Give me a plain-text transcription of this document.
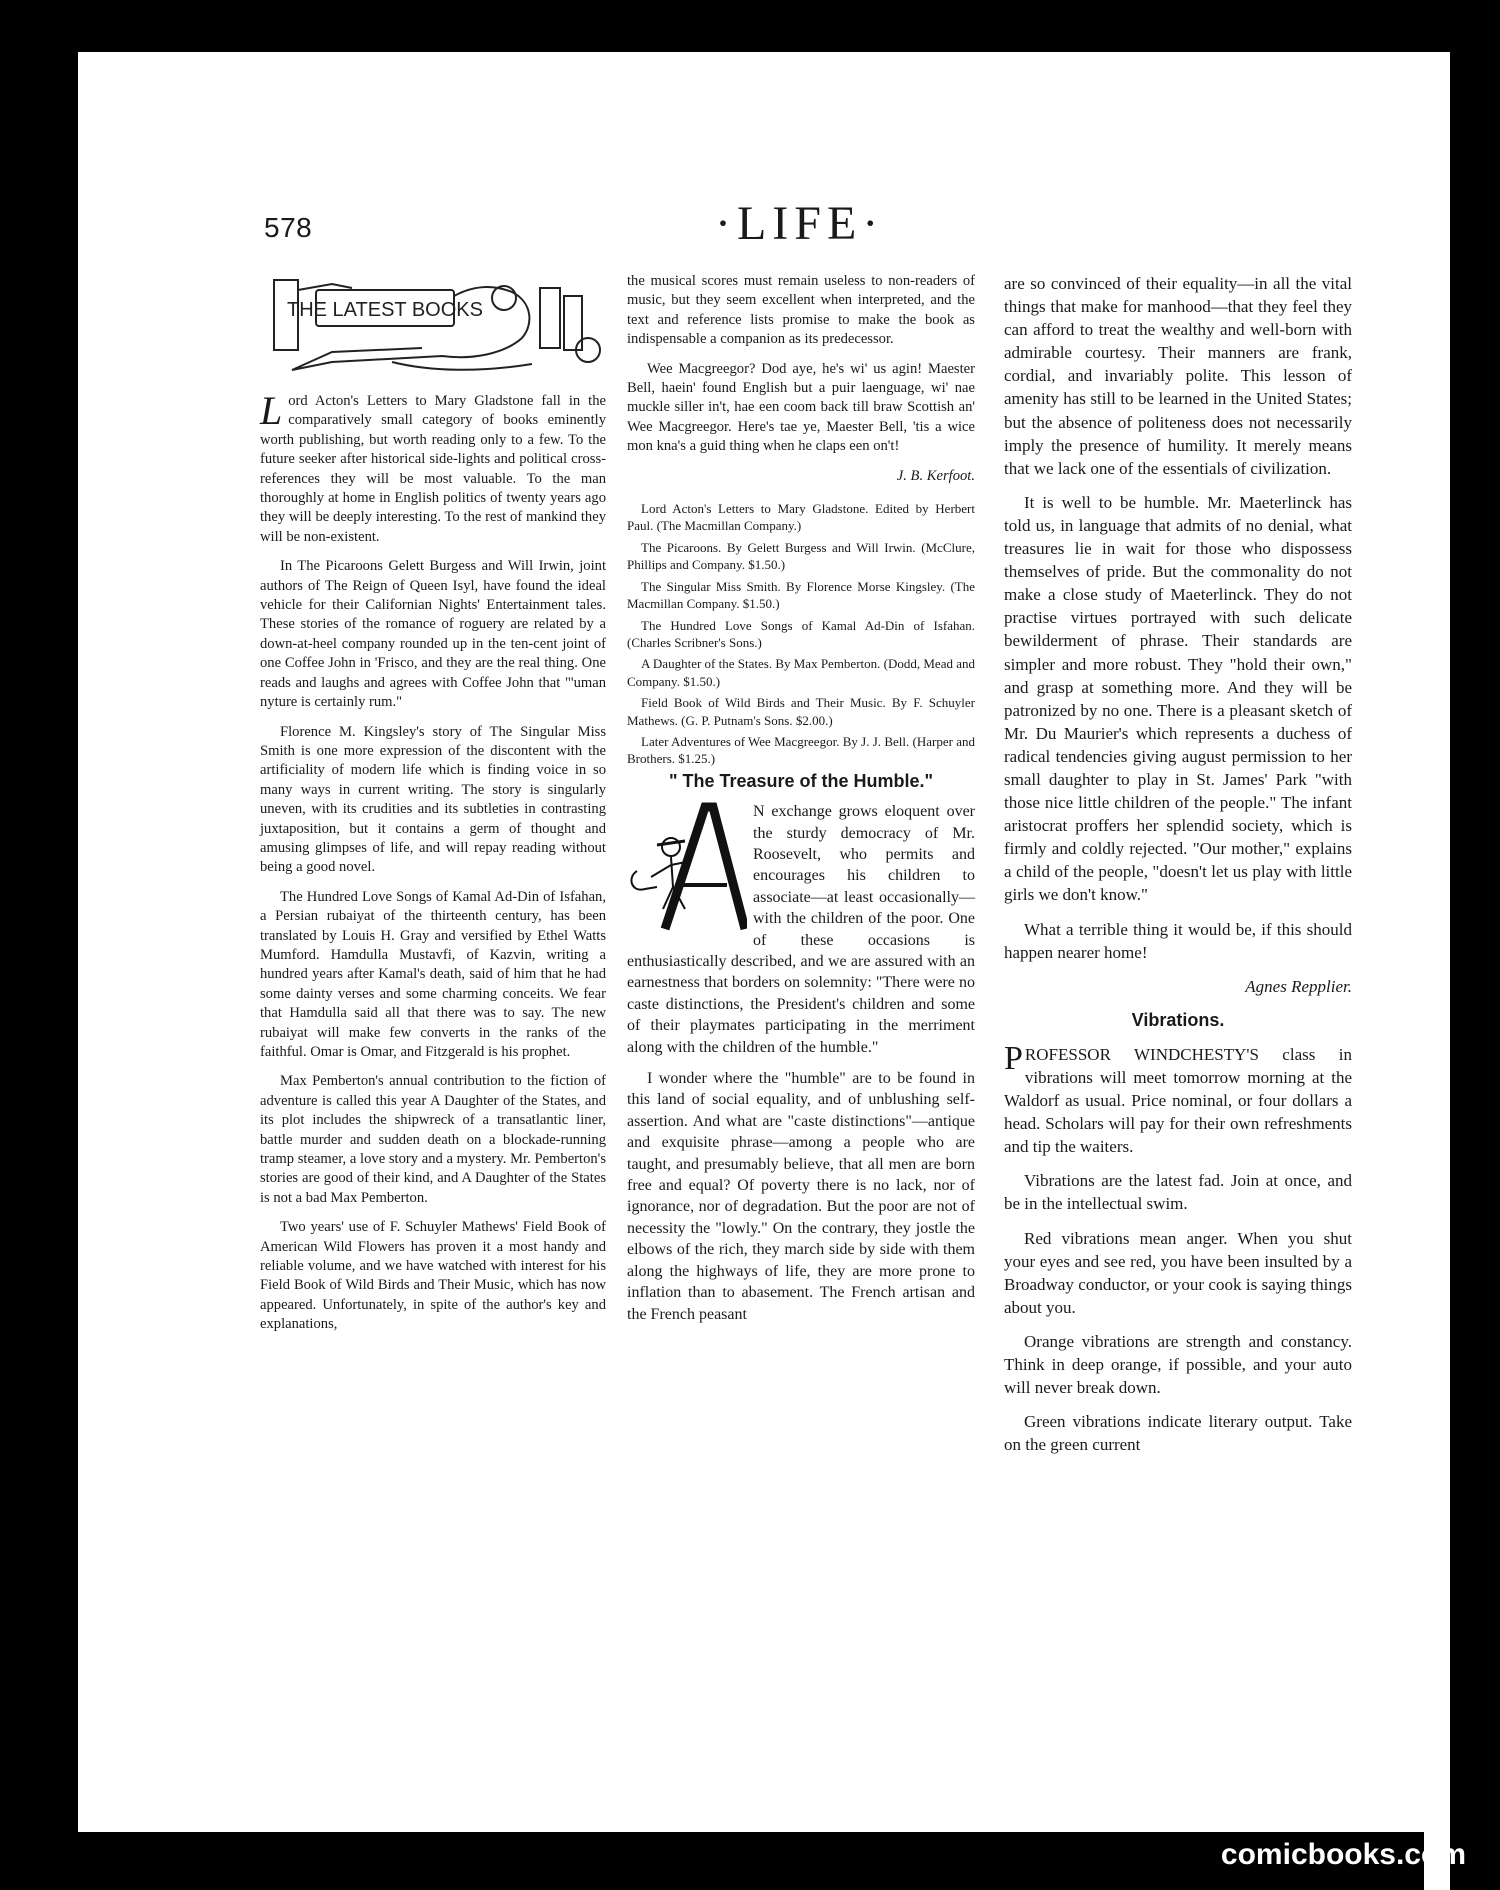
578	·LIFE·
THE LATEST BOOKS

Lord Acton's Letters to Mary Gladstone fall in the comparatively small category of books eminently worth publishing, but worth reading only to a few. To the future seeker after historical side-lights and political cross-references they will be most valuable. To the man thoroughly at home in English politics of twenty years ago they will be deeply interesting. To the rest of mankind they will be non-existent.

In The Picaroons Gelett Burgess and Will Irwin, joint authors of The Reign of Queen Isyl, have found the ideal vehicle for their Californian Nights' Entertainment tales. These stories of the romance of roguery are related by a down-at-heel company rounded up in the ten-cent joint of one Coffee John in 'Frisco, and they are the real thing. One reads and laughs and agrees with Coffee John that "'uman nyture is certainly rum."

Florence M. Kingsley's story of The Singular Miss Smith is one more expression of the discontent with the artificiality of modern life which is finding voice in so many ways in current writing. The story is singularly uneven, with its crudities and its subtleties in contrasting juxtaposition, but it contains a germ of thought and amusing glimpses of life, and will repay reading without being a good novel.

The Hundred Love Songs of Kamal Ad-Din of Isfahan, a Persian rubaiyat of the thirteenth century, has been translated by Louis H. Gray and versified by Ethel Watts Mumford. Hamdulla Mustavfi, of Kazvin, writing a hundred years after Kamal's death, said of him that he had some dainty verses and some charming conceits. We fear that Hamdulla said all that there was to say. The new rubaiyat will make few converts in the ranks of the faithful. Omar is Omar, and Fitzgerald is his prophet.

Max Pemberton's annual contribution to the fiction of adventure is called this year A Daughter of the States, and its plot includes the shipwreck of a transatlantic liner, battle murder and sudden death on a blockade-running tramp steamer, a love story and a mystery. Mr. Pemberton's stories are good of their kind, and A Daughter of the States is not a bad Max Pemberton.

Two years' use of F. Schuyler Mathews' Field Book of American Wild Flowers has proven it a most handy and reliable volume, and we have watched with interest for his Field Book of Wild Birds and Their Music, which has now appeared. Unfortunately, in spite of the author's key and explanations,

the musical scores must remain useless to non-readers of music, but they seem excellent when interpreted, and the text and reference lists promise to make the book as indispensable a companion as its predecessor.

Wee Macgreegor? Dod aye, he's wi' us agin! Maester Bell, haein' found English but a puir laenguage, wi' nae muckle siller in't, hae een coom back till braw Scottish an' Wee Macgreegor. Here's tae ye, Maester Bell, 'tis a wice mon kna's a guid thing when he claps een on't!

J. B. Kerfoot.

Lord Acton's Letters to Mary Gladstone. Edited by Herbert Paul. (The Macmillan Company.)

The Picaroons. By Gelett Burgess and Will Irwin. (McClure, Phillips and Company. $1.50.)

The Singular Miss Smith. By Florence Morse Kingsley. (The Macmillan Company. $1.50.)

The Hundred Love Songs of Kamal Ad-Din of Isfahan. (Charles Scribner's Sons.)

A Daughter of the States. By Max Pemberton. (Dodd, Mead and Company. $1.50.)

Field Book of Wild Birds and Their Music. By F. Schuyler Mathews. (G. P. Putnam's Sons. $2.00.)

Later Adventures of Wee Macgreegor. By J. J. Bell. (Harper and Brothers. $1.25.)

" The Treasure of the Humble."

N exchange grows eloquent over the sturdy democracy of Mr. Roosevelt, who permits and encourages his children to associate—at least occasionally—with the children of the poor. One of these occasions is enthusiastically described, and we are assured with an earnestness that borders on solemnity: "There were no caste distinctions, the President's children and some of their playmates participating in the merriment along with the children of the humble."

I wonder where the "humble" are to be found in this land of social equality, and of unblushing self-assertion. And what are "caste distinctions"—antique and exquisite phrase—among a people who are taught, and presumably believe, that all men are born free and equal? Of poverty there is no lack, nor of ignorance, nor of degradation. But the poor are not of necessity the "lowly." On the contrary, they jostle the elbows of the rich, they march side by side with them along the highways of life, they are more prone to inflation than to abasement. The French artisan and the French peasant

are so convinced of their equality—in all the vital things that make for manhood—that they feel they can afford to treat the wealthy and well-born with admirable courtesy. Their manners are frank, cordial, and invariably polite. This lesson of amenity has still to be learned in the United States; but the absence of politeness does not necessarily imply the presence of humility. It merely means that we lack one of the essentials of civilization.

It is well to be humble. Mr. Maeterlinck has told us, in language that admits of no denial, what treasures lie in wait for those who dispossess themselves of pride. But the commonality do not make a close study of Maeterlinck. They do not practise virtues portrayed with such delicate bewilderment of phrase. Their standards are simpler and more robust. They "hold their own," and grasp at something more. And they will be patronized by no one. There is a pleasant sketch of Mr. Du Maurier's which represents a duchess of radical tendencies giving august permission to her small daughter to play in St. James' Park "with those nice little children of the people." The infant aristocrat proffers her splendid society, which is firmly and coldly rejected. "Our mother," explains a child of the people, "doesn't let us play with little girls we don't know."

What a terrible thing it would be, if this should happen nearer home!

Agnes Repplier.

Vibrations.

PROFESSOR WINDCHESTY'S class in vibrations will meet tomorrow morning at the Waldorf as usual. Price nominal, or four dollars a head. Scholars will pay for their own refreshments and tip the waiters.

Vibrations are the latest fad. Join at once, and be in the intellectual swim.

Red vibrations mean anger. When you shut your eyes and see red, you have been insulted by a Broadway conductor, or your cook is saying things about you.

Orange vibrations are strength and constancy. Think in deep orange, if possible, and your auto will never break down.

Green vibrations indicate literary output. Take on the green current

comicbooks.com
